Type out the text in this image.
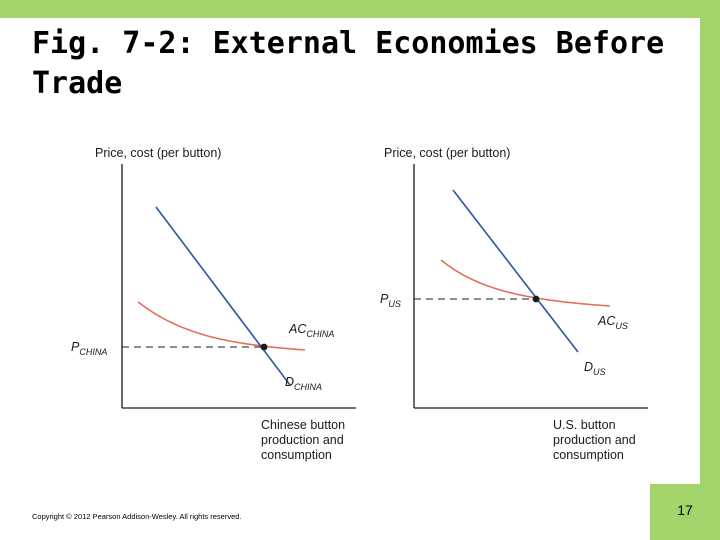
Fig. 7-2: External Economies Before Trade
Price, cost (per button)
$P_{CHINA}$
$AC_{CHINA}$
$D_{CHINA}$
Chinese button production and consumption
Price, cost (per button)
$P_{US}$
$AC_{US}$
$D_{US}$
U.S. button production and consumption
Copyright © 2012 Pearson Addison-Wesley. All rights reserved.	17
